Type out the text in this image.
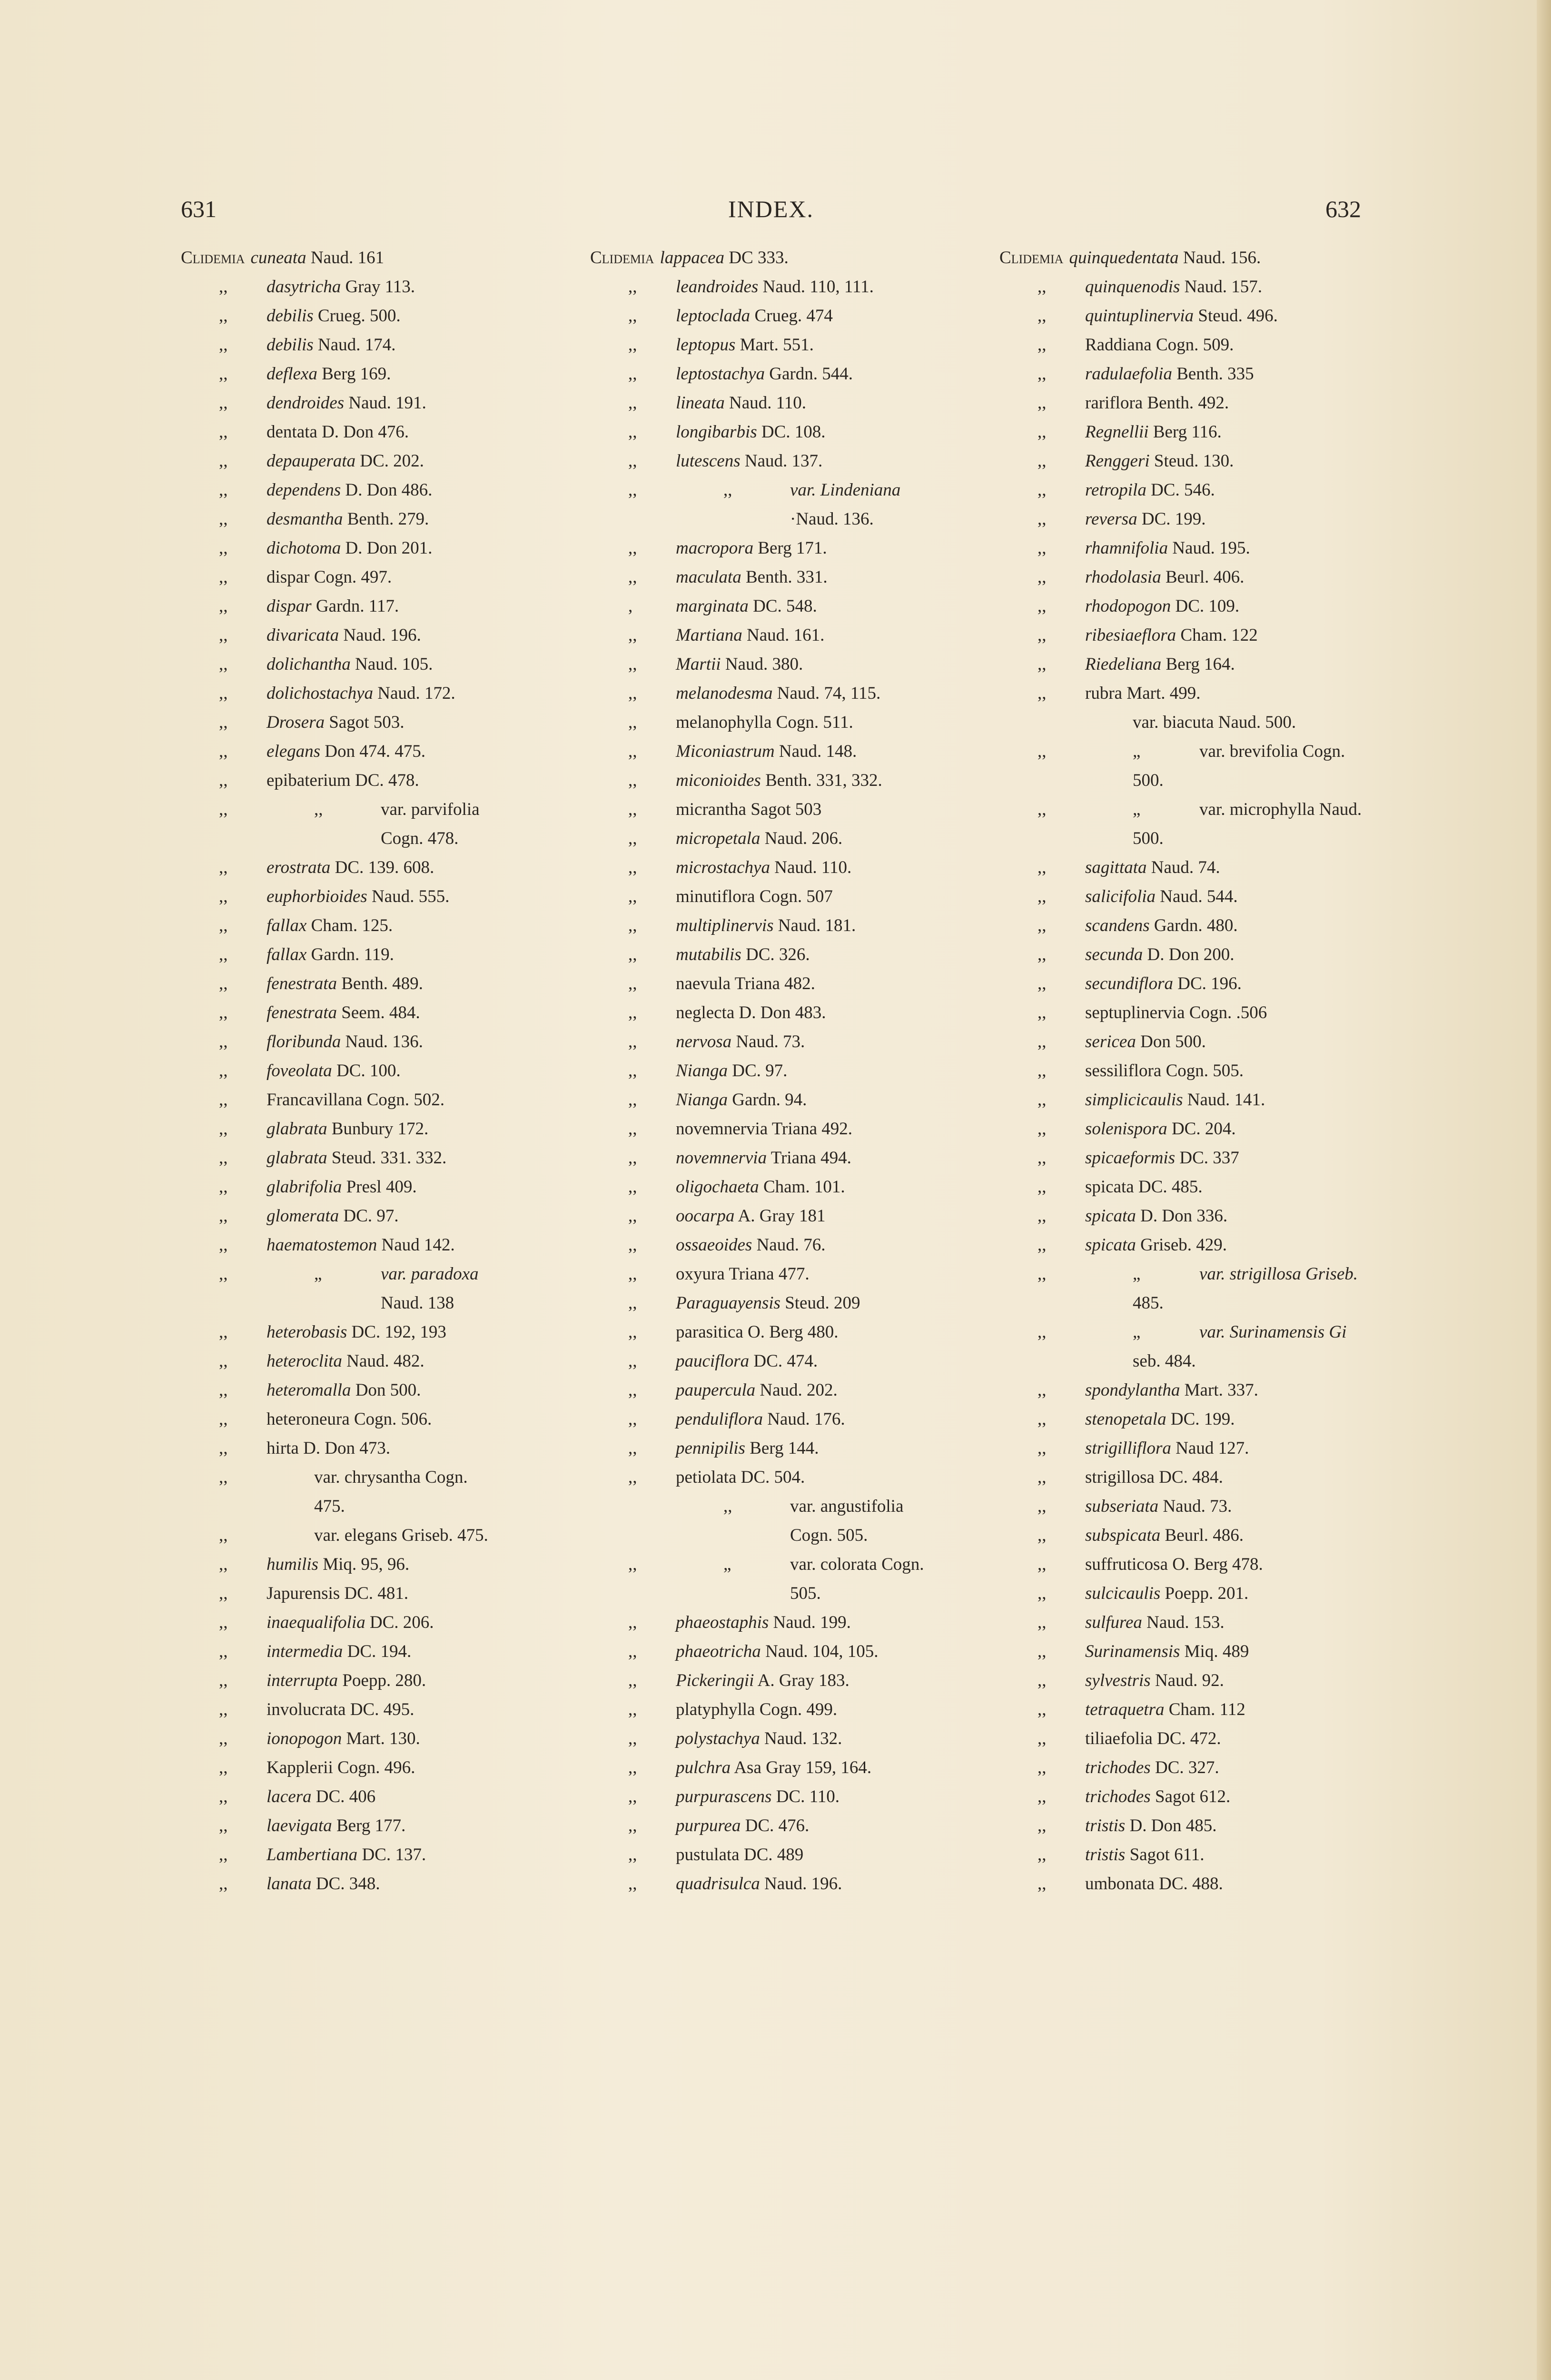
631	INDEX.	632
Clidemia cuneata Naud. 161
,,	dasytricha Gray 113.
,,	debilis Crueg. 500.
,,	debilis Naud. 174.
,,	deflexa Berg 169.
,,	dendroides Naud. 191.
,,	dentata D. Don 476.
,,	depauperata DC. 202.
,,	dependens D. Don 486.
,,	desmantha Benth. 279.
,,	dichotoma D. Don 201.
,,	dispar Cogn. 497.
,,	dispar Gardn. 117.
,,	divaricata Naud. 196.
,,	dolichantha Naud. 105.
,,	dolichostachya Naud. 172.
,,	Drosera Sagot 503.
,,	elegans Don 474. 475.
,,	epibaterium DC. 478.
,,	,,	var. parvifolia
Cogn. 478.
,,	erostrata DC. 139. 608.
,,	euphorbioides Naud. 555.
,,	fallax Cham. 125.
,,	fallax Gardn. 119.
,,	fenestrata Benth. 489.
,,	fenestrata Seem. 484.
,,	floribunda Naud. 136.
,,	foveolata DC. 100.
,,	Francavillana Cogn. 502.
,,	glabrata Bunbury 172.
,,	glabrata Steud. 331. 332.
,,	glabrifolia Presl 409.
,,	glomerata DC. 97.
,,	haematostemon Naud 142.
,,	„	var. paradoxa
Naud. 138
,,	heterobasis DC. 192, 193
,,	heteroclita Naud. 482.
,,	heteromalla Don 500.
,,	heteroneura Cogn. 506.
,,	hirta D. Don 473.
,,	var. chrysantha Cogn.
475.
,,	var. elegans Griseb. 475.
,,	humilis Miq. 95, 96.
,,	Japurensis DC. 481.
,,	inaequalifolia DC. 206.
,,	intermedia DC. 194.
,,	interrupta Poepp. 280.
,,	involucrata DC. 495.
,,	ionopogon Mart. 130.
,,	Kapplerii Cogn. 496.
,,	lacera DC. 406
,,	laevigata Berg 177.
,,	Lambertiana DC. 137.
,,	lanata DC. 348.
Clidemia lappacea DC 333.
,,	leandroides Naud. 110, 111.
,,	leptoclada Crueg. 474
,,	leptopus Mart. 551.
,,	leptostachya Gardn. 544.
,,	lineata Naud. 110.
,,	longibarbis DC. 108.
,,	lutescens Naud. 137.
,,	,,	var. Lindeniana
·Naud. 136.
,,	macropora Berg 171.
,,	maculata Benth. 331.
,	marginata DC. 548.
,,	Martiana Naud. 161.
,,	Martii Naud. 380.
,,	melanodesma Naud. 74, 115.
,,	melanophylla Cogn. 511.
,,	Miconiastrum Naud. 148.
,,	miconioides Benth. 331, 332.
,,	micrantha Sagot 503
,,	micropetala Naud. 206.
,,	microstachya Naud. 110.
,,	minutiflora Cogn. 507
,,	multiplinervis Naud. 181.
,,	mutabilis DC. 326.
,,	naevula Triana 482.
,,	neglecta D. Don 483.
,,	nervosa Naud. 73.
,,	Nianga DC. 97.
,,	Nianga Gardn. 94.
,,	novemnervia Triana 492.
,,	novemnervia Triana 494.
,,	oligochaeta Cham. 101.
,,	oocarpa A. Gray 181
,,	ossaeoides Naud. 76.
,,	oxyura Triana 477.
,,	Paraguayensis Steud. 209
,,	parasitica O. Berg 480.
,,	pauciflora DC. 474.
,,	paupercula Naud. 202.
,,	penduliflora Naud. 176.
,,	pennipilis Berg 144.
,,	petiolata DC. 504.
,,	var. angustifolia
Cogn. 505.
,,	„	var. colorata Cogn.
505.
,,	phaeostaphis Naud. 199.
,,	phaeotricha Naud. 104, 105.
,,	Pickeringii A. Gray 183.
,,	platyphylla Cogn. 499.
,,	polystachya Naud. 132.
,,	pulchra Asa Gray 159, 164.
,,	purpurascens DC. 110.
,,	purpurea DC. 476.
,,	pustulata DC. 489
,,	quadrisulca Naud. 196.
Clidemia quinquedentata Naud. 156.
,,	quinquenodis Naud. 157.
,,	quintuplinervia Steud. 496.
,,	Raddiana Cogn. 509.
,,	radulaefolia Benth. 335
,,	rariflora Benth. 492.
,,	Regnellii Berg 116.
,,	Renggeri Steud. 130.
,,	retropila DC. 546.
,,	reversa DC. 199.
,,	rhamnifolia Naud. 195.
,,	rhodolasia Beurl. 406.
,,	rhodopogon DC. 109.
,,	ribesiaeflora Cham. 122
,,	Riedeliana Berg 164.
,,	rubra Mart. 499.
var. biacuta Naud. 500.
,,	„	var. brevifolia Cogn.
500.
,,	„	var. microphylla Naud.
500.
,,	sagittata Naud. 74.
,,	salicifolia Naud. 544.
,,	scandens Gardn. 480.
,,	secunda D. Don 200.
,,	secundiflora DC. 196.
,,	septuplinervia Cogn. .506
,,	sericea Don 500.
,,	sessiliflora Cogn. 505.
,,	simplicicaulis Naud. 141.
,,	solenispora DC. 204.
,,	spicaeformis DC. 337
,,	spicata DC. 485.
,,	spicata D. Don 336.
,,	spicata Griseb. 429.
,,	„	var. strigillosa Griseb.
485.
,,	„	var. Surinamensis Gi
seb. 484.
,,	spondylantha Mart. 337.
,,	stenopetala DC. 199.
,,	strigilliflora Naud 127.
,,	strigillosa DC. 484.
,,	subseriata Naud. 73.
,,	subspicata Beurl. 486.
,,	suffruticosa O. Berg 478.
,,	sulcicaulis Poepp. 201.
,,	sulfurea Naud. 153.
,,	Surinamensis Miq. 489
,,	sylvestris Naud. 92.
,,	tetraquetra Cham. 112
,,	tiliaefolia DC. 472.
,,	trichodes DC. 327.
,,	trichodes Sagot 612.
,,	tristis D. Don 485.
,,	tristis Sagot 611.
,,	umbonata DC. 488.
